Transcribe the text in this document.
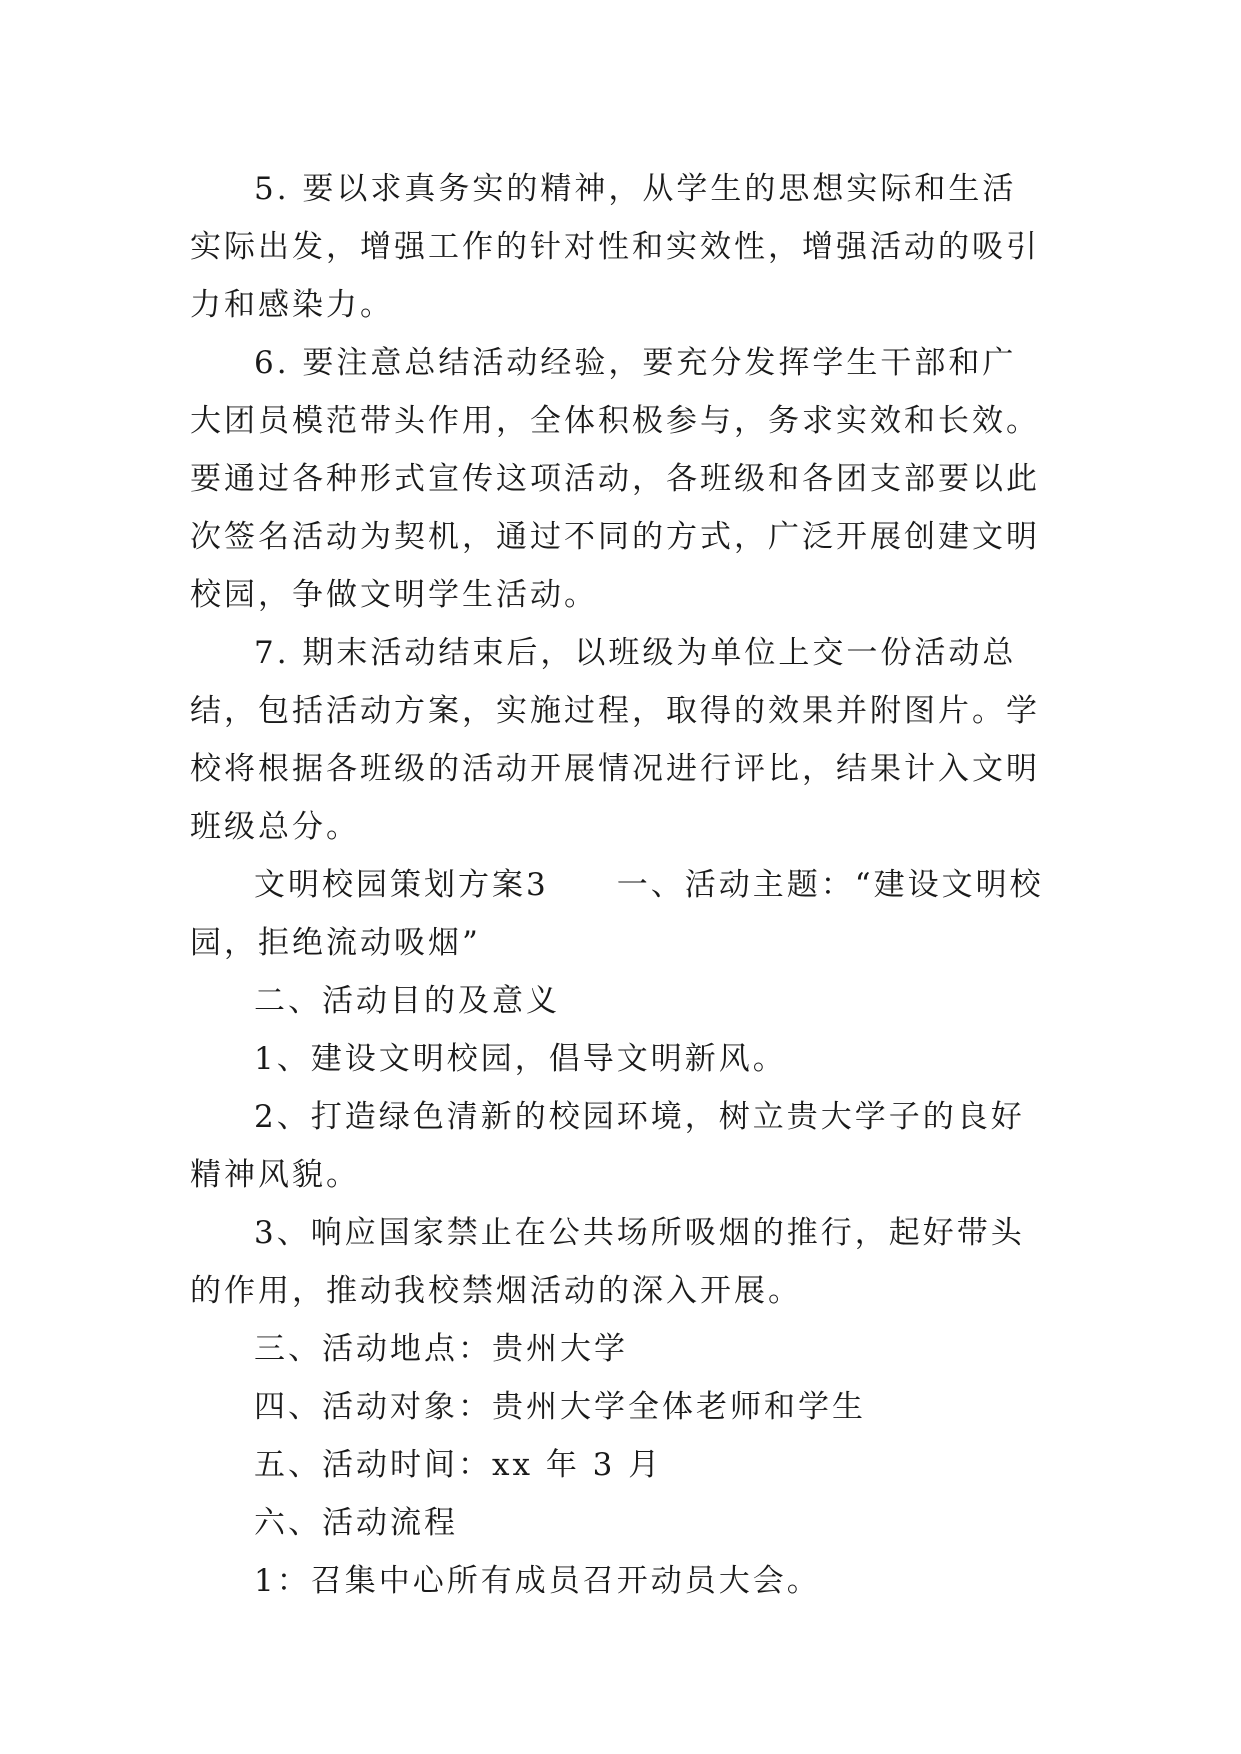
5. 要以求真务实的精神，从学生的思想实际和生活实际出发，增强工作的针对性和实效性，增强活动的吸引力和感染力。

6. 要注意总结活动经验，要充分发挥学生干部和广大团员模范带头作用，全体积极参与，务求实效和长效。要通过各种形式宣传这项活动，各班级和各团支部要以此次签名活动为契机，通过不同的方式，广泛开展创建文明校园，争做文明学生活动。

7. 期末活动结束后，以班级为单位上交一份活动总结，包括活动方案，实施过程，取得的效果并附图片。学校将根据各班级的活动开展情况进行评比，结果计入文明班级总分。

文明校园策划方案3　　一、活动主题：“建设文明校园，拒绝流动吸烟”

二、活动目的及意义

1、建设文明校园，倡导文明新风。

2、打造绿色清新的校园环境，树立贵大学子的良好精神风貌。

3、响应国家禁止在公共场所吸烟的推行，起好带头的作用，推动我校禁烟活动的深入开展。

三、活动地点：贵州大学

四、活动对象：贵州大学全体老师和学生

五、活动时间：xx 年 3 月

六、活动流程

1：召集中心所有成员召开动员大会。
